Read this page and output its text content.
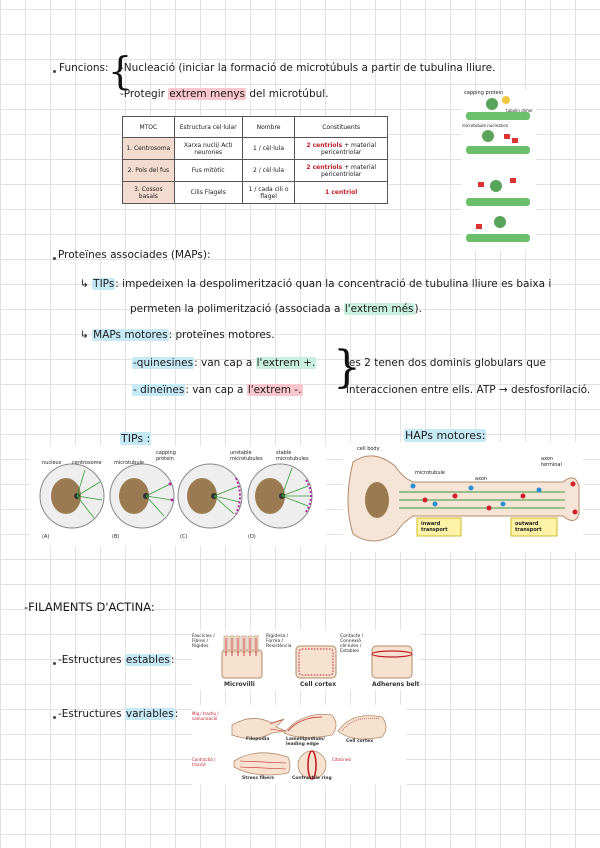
Funcions: {
-Nucleació (iniciar la formació de microtúbuls a partir de tubulina lliure.
-Protegir extrem menys del microtúbul.
MTOC	Estructura cel·lular	Nombre	Constituents
1. Centrosoma	Xarxa nucli/ Acti neurones	1 / cèl·lula	2 centriols + material pericentriolar
2. Pols del fus	Fus mitòtic	2 / cèl·lula	2 centriols + material pericentriolar
3. Cossos basals	Cilis Flagels	1 / cada cili o flagel	1 centriol
capping protein
tubulin dimer
microtubule nucleation
Proteïnes associades (MAPs):
↳ TIPs: impedeixen la despolimerització quan la concentració de tubulina lliure es baixa i
permeten la polimerització (associada a l'extrem més).
↳ MAPs motores: proteïnes motores.
-quinesines: van cap a l'extrem +.
- dineïnes: van cap a l'extrem -. }
les 2 tenen dos dominis globulars que
interaccionen entre ells. ATP → desfosforilació.
TIPs :
nucleus centrosome microtubule
capping protein
unstable microtubules
stable microtubules
(A)	(B)	(C)	(D)
HAPs motores:
cell body
microtubule
axon
axon terminal
inward transport
outward transport
-FILAMENTS D'ACTINA:
-Estructures estables:
Microvilli	Cell cortex	Adherens belt
Fascicles / Fibres / Rígides
Rígidesa / Forma / Resistència
Contacte / Connexió cèl·lules / Estables
-Estructures variables:
Filopodia	Lamellipodium/ leading edge
Cell cortex
Stress fibers	Contractile ring
Mig / tractiu / comunicació
Contractió / tracció
Citocinesi
